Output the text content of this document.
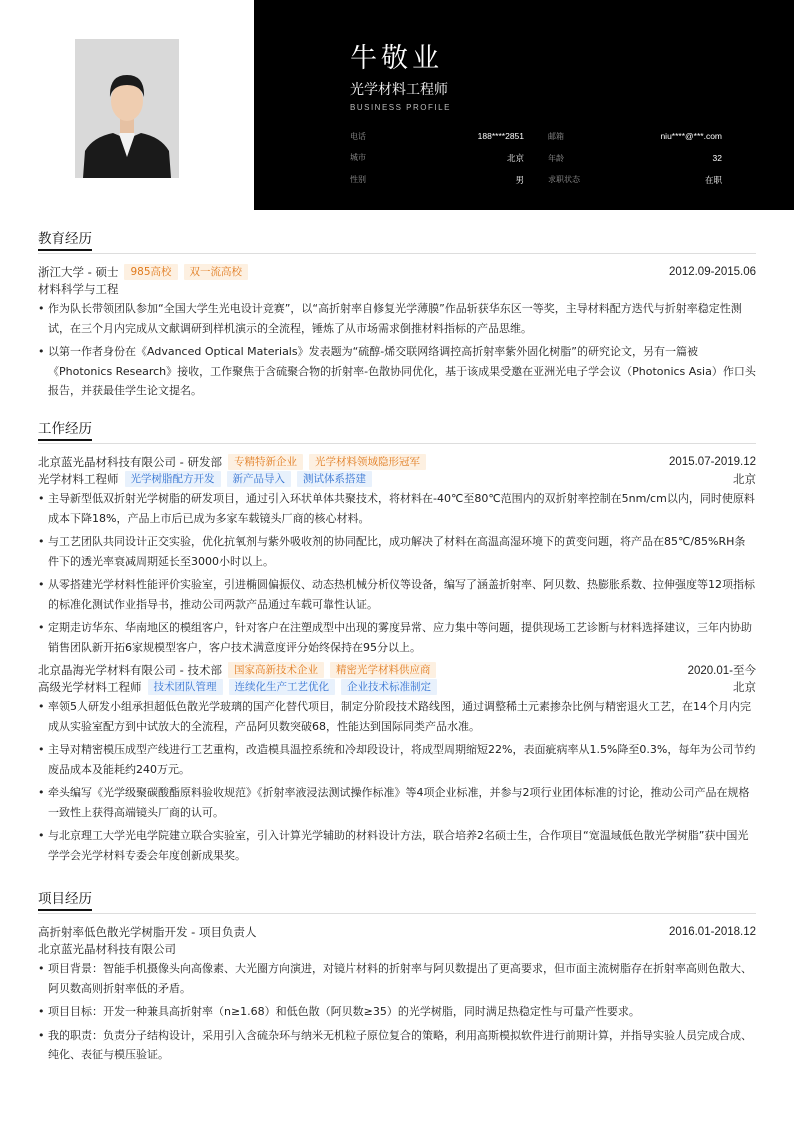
牛敬业
光学材料工程师
BUSINESS PROFILE
电话	188****2851	邮箱	niu****@***.com
城市	北京	年龄	32
性别	男	求职状态	在职
教育经历
浙江大学 - 硕士	985高校	双一流高校	2012.09-2015.06
材料科学与工程
• 作为队长带领团队参加“全国大学生光电设计竞赛”，以“高折射率自修复光学薄膜”作品斩获华东区一等奖，主导材料配方迭代与折射率稳定性测试，在三个月内完成从文献调研到样机演示的全流程，锤炼了从市场需求倒推材料指标的产品思维。
• 以第一作者身份在《Advanced Optical Materials》发表题为“硫醇-烯交联网络调控高折射率紫外固化树脂”的研究论文，另有一篇被《Photonics Research》接收，工作聚焦于含硫聚合物的折射率-色散协同优化，基于该成果受邀在亚洲光电子学会议（Photonics Asia）作口头报告，并获最佳学生论文提名。
工作经历
北京蓝光晶材科技有限公司 - 研发部	专精特新企业	光学材料领域隐形冠军	2015.07-2019.12
光学材料工程师	光学树脂配方开发	新产品导入	测试体系搭建	北京
• 主导新型低双折射光学树脂的研发项目，通过引入环状单体共聚技术，将材料在-40℃至80℃范围内的双折射率控制在5nm/cm以内，同时使原料成本下降18%，产品上市后已成为多家车载镜头厂商的核心材料。
• 与工艺团队共同设计正交实验，优化抗氧剂与紫外吸收剂的协同配比，成功解决了材料在高温高湿环境下的黄变问题，将产品在85℃/85%RH条件下的透光率衰减周期延长至3000小时以上。
• 从零搭建光学材料性能评价实验室，引进椭圆偏振仪、动态热机械分析仪等设备，编写了涵盖折射率、阿贝数、热膨胀系数、拉伸强度等12项指标的标准化测试作业指导书，推动公司两款产品通过车载可靠性认证。
• 定期走访华东、华南地区的模组客户，针对客户在注塑成型中出现的雾度异常、应力集中等问题，提供现场工艺诊断与材料选择建议，三年内协助销售团队新开拓6家规模型客户，客户技术满意度评分始终保持在95分以上。
北京晶海光学材料有限公司 - 技术部	国家高新技术企业	精密光学材料供应商	2020.01-至今
高级光学材料工程师	技术团队管理	连续化生产工艺优化	企业技术标准制定	北京
• 率领5人研发小组承担超低色散光学玻璃的国产化替代项目，制定分阶段技术路线图，通过调整稀土元素掺杂比例与精密退火工艺，在14个月内完成从实验室配方到中试放大的全流程，产品阿贝数突破68，性能达到国际同类产品水准。
• 主导对精密模压成型产线进行工艺重构，改造模具温控系统和冷却段设计，将成型周期缩短22%，表面疵病率从1.5%降至0.3%，每年为公司节约废品成本及能耗约240万元。
• 牵头编写《光学级聚碳酸酯原料验收规范》《折射率液浸法测试操作标准》等4项企业标准，并参与2项行业团体标准的讨论，推动公司产品在规格一致性上获得高端镜头厂商的认可。
• 与北京理工大学光电学院建立联合实验室，引入计算光学辅助的材料设计方法，联合培养2名硕士生，合作项目“宽温域低色散光学树脂”获中国光学学会光学材料专委会年度创新成果奖。
项目经历
高折射率低色散光学树脂开发 - 项目负责人	2016.01-2018.12
北京蓝光晶材科技有限公司
• 项目背景：智能手机摄像头向高像素、大光圈方向演进，对镜片材料的折射率与阿贝数提出了更高要求，但市面主流树脂存在折射率高则色散大、阿贝数高则折射率低的矛盾。
• 项目目标：开发一种兼具高折射率（n≥1.68）和低色散（阿贝数≥35）的光学树脂，同时满足热稳定性与可量产性要求。
• 我的职责：负责分子结构设计，采用引入含硫杂环与纳米无机粒子原位复合的策略，利用高斯模拟软件进行前期计算，并指导实验人员完成合成、纯化、表征与模压验证。
